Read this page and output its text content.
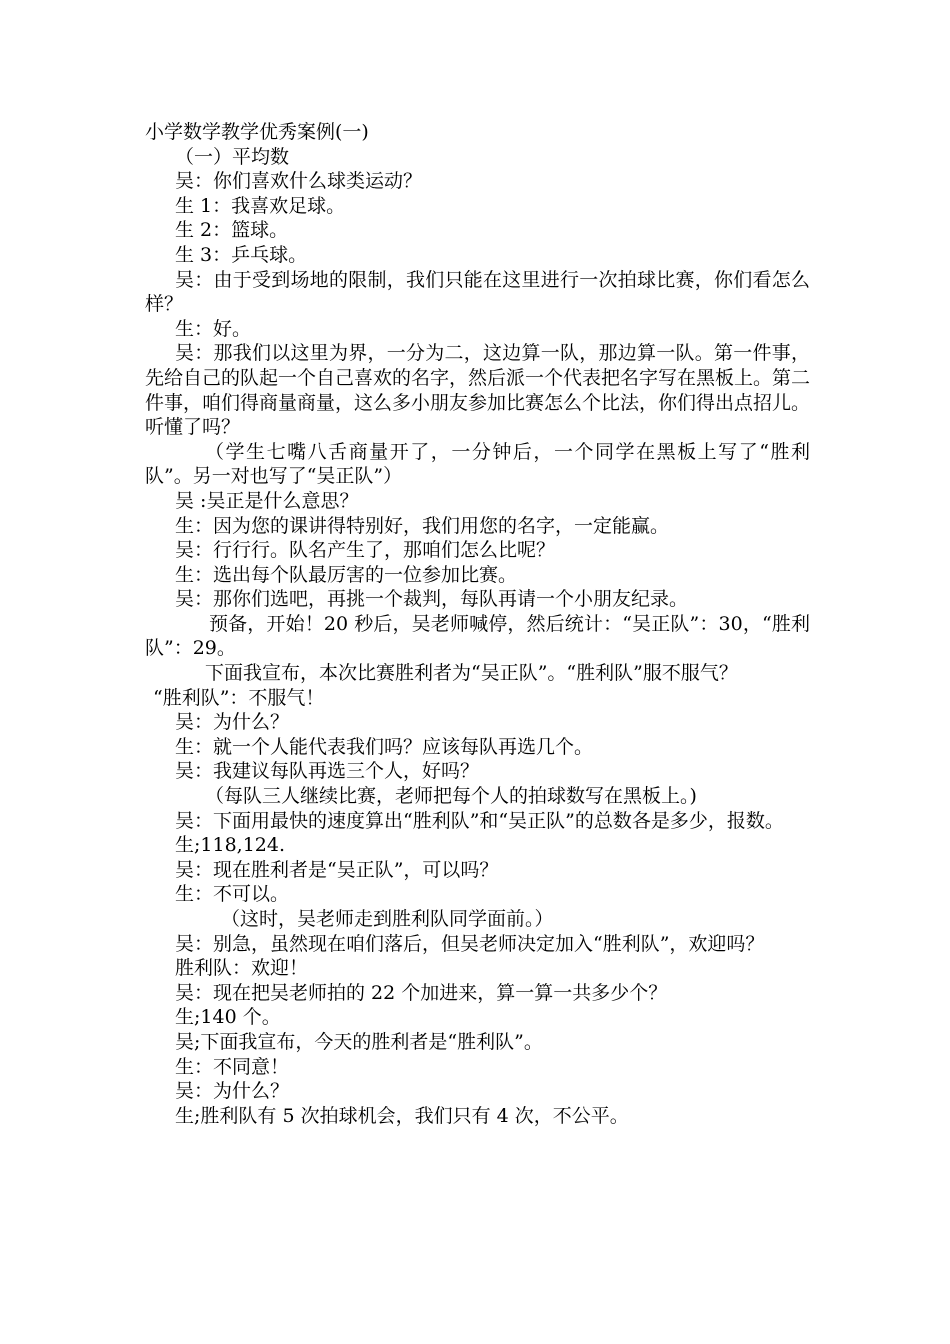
小学数学教学优秀案例(一)

（一）平均数

吴：你们喜欢什么球类运动？

生 1：我喜欢足球。

生 2：篮球。

生 3：乒乓球。

吴：由于受到场地的限制，我们只能在这里进行一次拍球比赛，你们看怎么样？

生：好。

吴：那我们以这里为界，一分为二，这边算一队，那边算一队。第一件事，先给自己的队起一个自己喜欢的名字，然后派一个代表把名字写在黑板上。第二件事，咱们得商量商量，这么多小朋友参加比赛怎么个比法，你们得出点招儿。听懂了吗？

（学生七嘴八舌商量开了，一分钟后，一个同学在黑板上写了“胜利队”。另一对也写了“吴正队”）

吴 :吴正是什么意思？

生：因为您的课讲得特别好，我们用您的名字，一定能赢。

吴：行行行。队名产生了，那咱们怎么比呢？

生：选出每个队最厉害的一位参加比赛。

吴：那你们选吧，再挑一个裁判，每队再请一个小朋友纪录。

预备，开始！20 秒后，吴老师喊停，然后统计：“吴正队”：30，“胜利队”：29。

下面我宣布，本次比赛胜利者为“吴正队”。“胜利队”服不服气？

“胜利队”：不服气！

吴：为什么？

生：就一个人能代表我们吗？应该每队再选几个。

吴：我建议每队再选三个人，好吗？

（每队三人继续比赛，老师把每个人的拍球数写在黑板上。)

吴：下面用最快的速度算出“胜利队”和“吴正队”的总数各是多少，报数。

生;118,124.

吴：现在胜利者是“吴正队”，可以吗？

生：不可以。

（这时，吴老师走到胜利队同学面前。）

吴：别急，虽然现在咱们落后，但吴老师决定加入“胜利队”，欢迎吗？

胜利队：欢迎！

吴：现在把吴老师拍的 22 个加进来，算一算一共多少个？

生;140 个。

吴;下面我宣布，今天的胜利者是“胜利队”。

生：不同意！

吴：为什么？

生;胜利队有 5 次拍球机会，我们只有 4 次，不公平。
